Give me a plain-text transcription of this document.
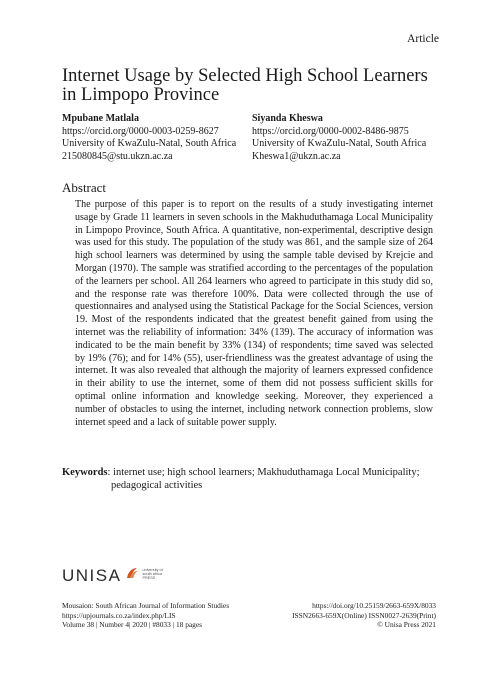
Article
Internet Usage by Selected High School Learners in Limpopo Province
Mpubane Matlala
https://orcid.org/0000-0003-0259-8627
University of KwaZulu-Natal, South Africa
215080845@stu.ukzn.ac.za
Siyanda Kheswa
https://orcid.org/0000-0002-8486-9875
University of KwaZulu-Natal, South Africa
Kheswa1@ukzn.ac.za
Abstract

The purpose of this paper is to report on the results of a study investigating internet usage by Grade 11 learners in seven schools in the Makhuduthamaga Local Municipality in Limpopo Province, South Africa. A quantitative, non-experimental, descriptive design was used for this study. The population of the study was 861, and the sample size of 264 high school learners was determined by using the sample table devised by Krejcie and Morgan (1970). The sample was stratified according to the percentages of the population of the learners per school. All 264 learners who agreed to participate in this study did so, and the response rate was therefore 100%. Data were collected through the use of questionnaires and analysed using the Statistical Package for the Social Sciences, version 19. Most of the respondents indicated that the greatest benefit gained from using the internet was the reliability of information: 34% (139). The accuracy of information was indicated to be the main benefit by 33% (134) of respondents; time saved was selected by 19% (76); and for 14% (55), user-friendliness was the greatest advantage of using the internet. It was also revealed that although the majority of learners expressed confidence in their ability to use the internet, some of them did not possess sufficient skills for optimal online information and knowledge seeking. Moreover, they experienced a number of obstacles to using the internet, including network connection problems, slow internet speed and a lack of suitable power supply.

Keywords: internet use; high school learners; Makhuduthamaga Local Municipality;
pedagogical activities
UNISA	university of south africa PRESS
Mousaion: South African Journal of Information Studies
https://upjournals.co.za/index.php/LIS
Volume 38 | Number 4| 2020 | #8033 | 18 pages
https://doi.org/10.25159/2663-659X/8033
ISSN2663-659X(Online) ISSN0027-2639(Print)
© Unisa Press 2021
